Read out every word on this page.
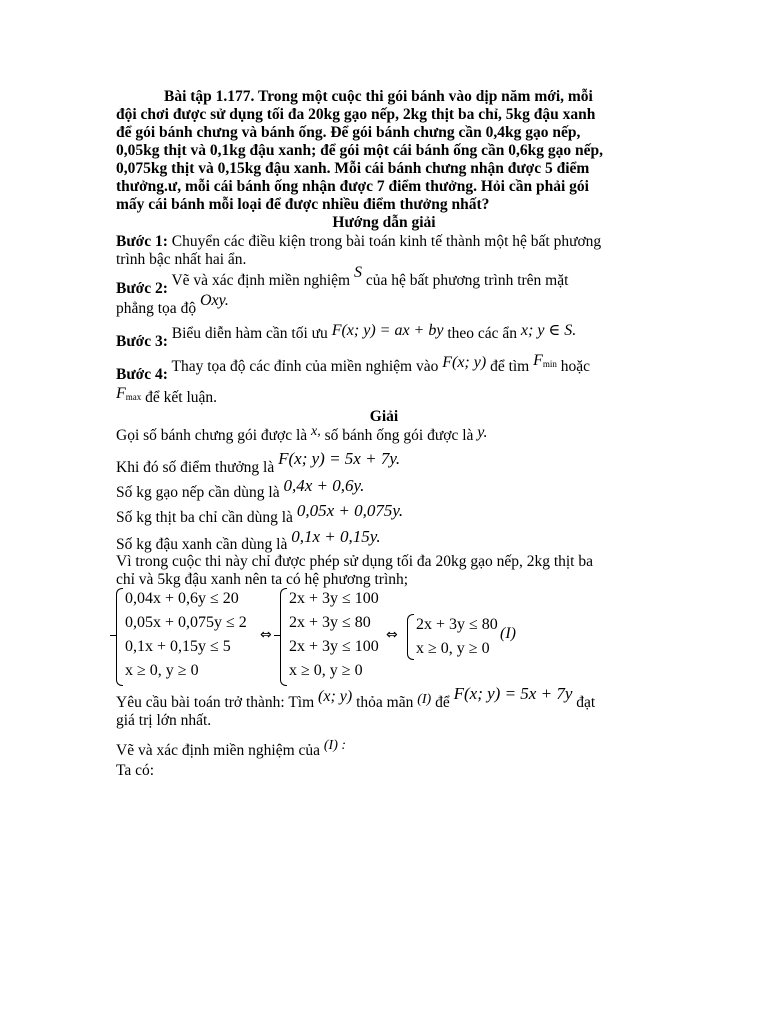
Bài tập 1.177. Trong một cuộc thi gói bánh vào dịp năm mới, mỗi
đội chơi được sử dụng tối đa 20kg gạo nếp, 2kg thịt ba chỉ, 5kg đậu xanh
để gói bánh chưng và bánh ống. Để gói bánh chưng cần 0,4kg gạo nếp,
0,05kg thịt và 0,1kg đậu xanh; để gói một cái bánh ống cần 0,6kg gạo nếp,
0,075kg thịt và 0,15kg đậu xanh. Mỗi cái bánh chưng nhận được 5 điểm
thưởng.ư, mỗi cái bánh ống nhận được 7 điểm thưởng. Hỏi cần phải gói
mấy cái bánh mỗi loại để được nhiều điểm thưởng nhất?
Hướng dẫn giải
Bước 1: Chuyển các điều kiện trong bài toán kinh tế thành một hệ bất phương
trình bậc nhất hai ẩn.
Bước 2: Vẽ và xác định miền nghiệm S của hệ bất phương trình trên mặt
phẳng tọa độ Oxy.
Bước 3: Biểu diễn hàm cần tối ưu F(x; y) = ax + by theo các ẩn x; y ∈ S.
Bước 4: Thay tọa độ các đỉnh của miền nghiệm vào F(x; y) để tìm $F^{min}$ hoặc
Fmax để kết luận.
Giải
Gọi số bánh chưng gói được là x, số bánh ống gói được là y.
Khi đó số điểm thưởng là F(x; y) = 5x + 7y.
Số kg gạo nếp cần dùng là 0,4x + 0,6y.
Số kg thịt ba chỉ cần dùng là 0,05x + 0,075y.
Số kg đậu xanh cần dùng là 0,1x + 0,15y.
Vì trong cuộc thi này chỉ được phép sử dụng tối đa 20kg gạo nếp, 2kg thịt ba
chỉ và 5kg đậu xanh nên ta có hệ phương trình;
0,04x + 0,6y ≤ 20
0,05x + 0,075y ≤ 2
0,1x + 0,15y ≤ 5
x ≥ 0, y ≥ 0
⇔
2x + 3y ≤ 100
2x + 3y ≤ 80
2x + 3y ≤ 100
x ≥ 0, y ≥ 0
⇔
2x + 3y ≤ 80
x ≥ 0, y ≥ 0
(I)
Yêu cầu bài toán trở thành: Tìm (x; y) thỏa mãn (I) để F(x; y) = 5x + 7y đạt
giá trị lớn nhất.
Vẽ và xác định miền nghiệm của (I) :
Ta có:
